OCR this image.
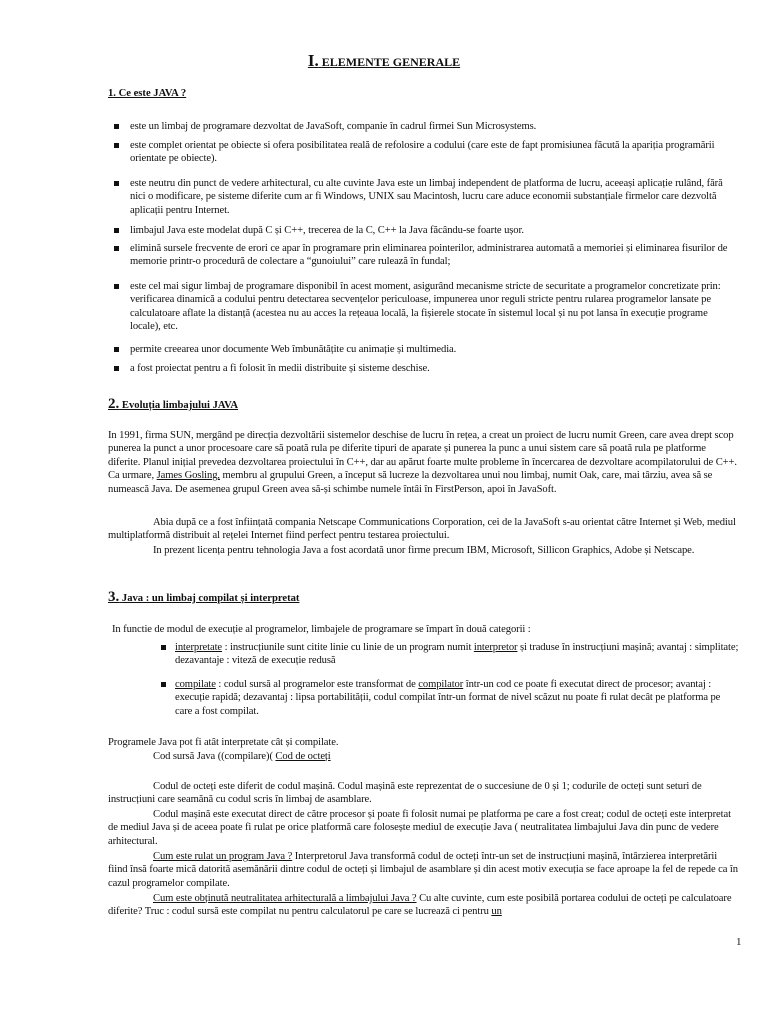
I. ELEMENTE GENERALE
1. Ce este JAVA ?
este un limbaj de programare dezvoltat de JavaSoft, companie în cadrul firmei Sun Microsystems.
este complet orientat pe obiecte si ofera posibilitatea reală de refolosire a codului (care este de fapt promisiunea făcută la apariția programării orientate pe obiecte).
este neutru din punct de vedere arhitectural, cu alte cuvinte Java este un limbaj independent de platforma de lucru, aceeași aplicație rulând, fără nici o modificare, pe sisteme diferite cum ar fi Windows, UNIX sau Macintosh, lucru care aduce economii substanțiale firmelor care dezvoltă aplicații pentru Internet.
limbajul Java este modelat după C și C++, trecerea de la C, C++ la Java făcându-se foarte ușor.
elimină sursele frecvente de erori ce apar în programare prin eliminarea pointerilor, administrarea automată a memoriei și eliminarea fisurilor de memorie printr-o procedură de colectare a “gunoiului” care rulează în fundal;
este cel mai sigur limbaj de programare disponibil în acest moment, asigurând mecanisme stricte de securitate a programelor concretizate prin: verificarea dinamică a codului pentru detectarea secvențelor periculoase, impunerea unor reguli stricte pentru rularea programelor lansate pe calculatoare aflate la distanță (acestea nu au acces la rețeaua locală, la fișierele stocate în sistemul local și nu pot lansa în execuție programe locale), etc.
permite creearea unor documente Web îmbunătățite cu animație și multimedia.
a fost proiectat pentru a fi folosit în medii distribuite și sisteme deschise.
2. Evoluția limbajului JAVA

In 1991, firma SUN, mergând pe direcția dezvoltării sistemelor deschise de lucru în rețea, a creat un proiect de lucru numit Green, care avea drept scop punerea la punct a unor procesoare care să poată rula pe diferite tipuri de aparate și punerea la punc a unui sistem care să poată rula pe platforme diferite. Planul inițial prevedea dezvoltarea proiectului în C++, dar au apărut foarte multe probleme în încercarea de dezvoltare acompilatorului de C++. Ca urmare, James Gosling, membru al grupului Green, a început să lucreze la dezvoltarea unui nou limbaj, numit Oak, care, mai târziu, avea să se numească Java. De asemenea grupul Green avea să-și schimbe numele întâi în FirstPerson, apoi în JavaSoft.

Abia după ce a fost înființată compania Netscape Communications Corporation, cei de la JavaSoft s-au orientat către Internet și Web, mediul multiplatformă distribuit al rețelei Internet fiind perfect pentru testarea proiectului.

In prezent licența pentru tehnologia Java a fost acordată unor firme precum IBM, Microsoft, Sillicon Graphics, Adobe și Netscape.

3. Java : un limbaj compilat și interpretat

In functie de modul de execuție al programelor, limbajele de programare se împart în două categorii :

interpretate : instrucțiunile sunt citite linie cu linie de un program numit interpretor și traduse în instrucțiuni mașină; avantaj : simplitate; dezavantaje : viteză de execuție redusă
compilate : codul sursă al programelor este transformat de compilator într-un cod ce poate fi executat direct de procesor; avantaj : execuție rapidă; dezavantaj : lipsa portabilității, codul compilat într-un format de nivel scăzut nu poate fi rulat decât pe platforma pe care a fost compilat.

Programele Java pot fi atât interpretate cât și compilate.

Cod sursă Java ((compilare)( Cod de octeți

Codul de octeți este diferit de codul mașină. Codul mașină este reprezentat de o succesiune de 0 și 1; codurile de octeți sunt seturi de instrucțiuni care seamănă cu codul scris în limbaj de asamblare.

Codul mașină este executat direct de către procesor și poate fi folosit numai pe platforma pe care a fost creat; codul de octeți este interpretat de mediul Java și de aceea poate fi rulat pe orice platformă care folosește mediul de execuție Java ( neutralitatea limbajului Java din punc de vedere arhitectural.

Cum este rulat un program Java ? Interpretorul Java transformă codul de octeți într-un set de instrucțiuni mașină, întârzierea interpretării fiind însă foarte mică datorită asemănării dintre codul de octeți și limbajul de asamblare și din acest motiv execuția se face aproape la fel de repede ca în cazul programelor compilate.

Cum este obținută neutralitatea arhitecturală a limbajului Java ? Cu alte cuvinte, cum este posibilă portarea codului de octeți pe calculatoare diferite? Truc : codul sursă este compilat nu pentru calculatorul pe care se lucrează ci pentru un

1
